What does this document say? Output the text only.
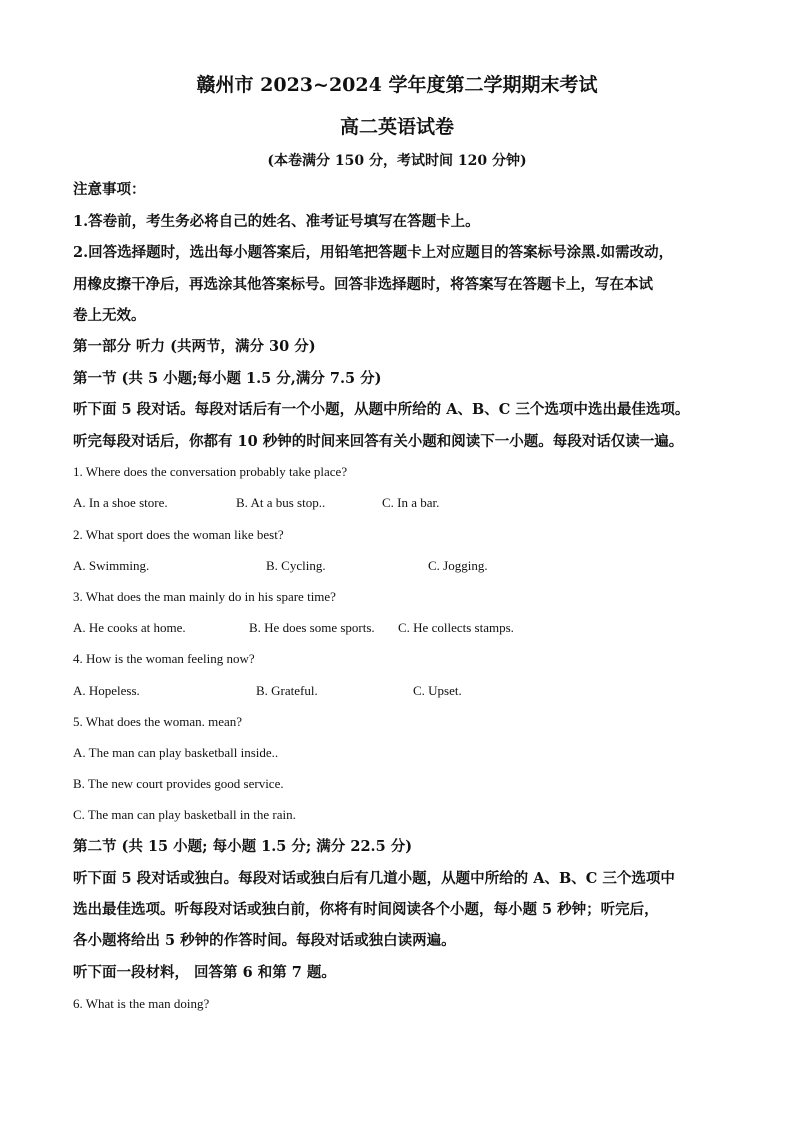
赣州市 2023~2024 学年度第二学期期末考试
高二英语试卷
(本卷满分 150 分，考试时间 120 分钟)
注意事项：
1.答卷前，考生务必将自己的姓名、准考证号填写在答题卡上。
2.回答选择题时，选出每小题答案后，用铅笔把答题卡上对应题目的答案标号涂黑.如需改动，
用橡皮擦干净后，再选涂其他答案标号。回答非选择题时，将答案写在答题卡上，写在本试
卷上无效。
第一部分 听力 (共两节，满分 30 分)
第一节 (共 5 小题;每小题 1.5 分,满分 7.5 分)
听下面 5 段对话。每段对话后有一个小题，从题中所给的 A、B、C 三个选项中选出最佳选项。
听完每段对话后，你都有 10 秒钟的时间来回答有关小题和阅读下一小题。每段对话仅读一遍。
1. Where does the conversation probably take place?
A. In a shoe store.	B. At a bus stop..	C. In a bar.
2. What sport does the woman like best?
A. Swimming.	B. Cycling.	C. Jogging.
3. What does the man mainly do in his spare time?
A. He cooks at home.	B. He does some sports. C. He collects stamps.
4. How is the woman feeling now?
A. Hopeless.	B. Grateful.	C. Upset.
5. What does the woman. mean?
A. The man can play basketball inside..
B. The new court provides good service.
C. The man can play basketball in the rain.
第二节 (共 15 小题; 每小题 1.5 分; 满分 22.5 分)
听下面 5 段对话或独白。每段对话或独白后有几道小题，从题中所给的 A、B、C 三个选项中
选出最佳选项。听每段对话或独白前，你将有时间阅读各个小题，每小题 5 秒钟；听完后，
各小题将给出 5 秒钟的作答时间。每段对话或独白读两遍。
听下面一段材料， 回答第 6 和第 7 题。
6. What is the man doing?
